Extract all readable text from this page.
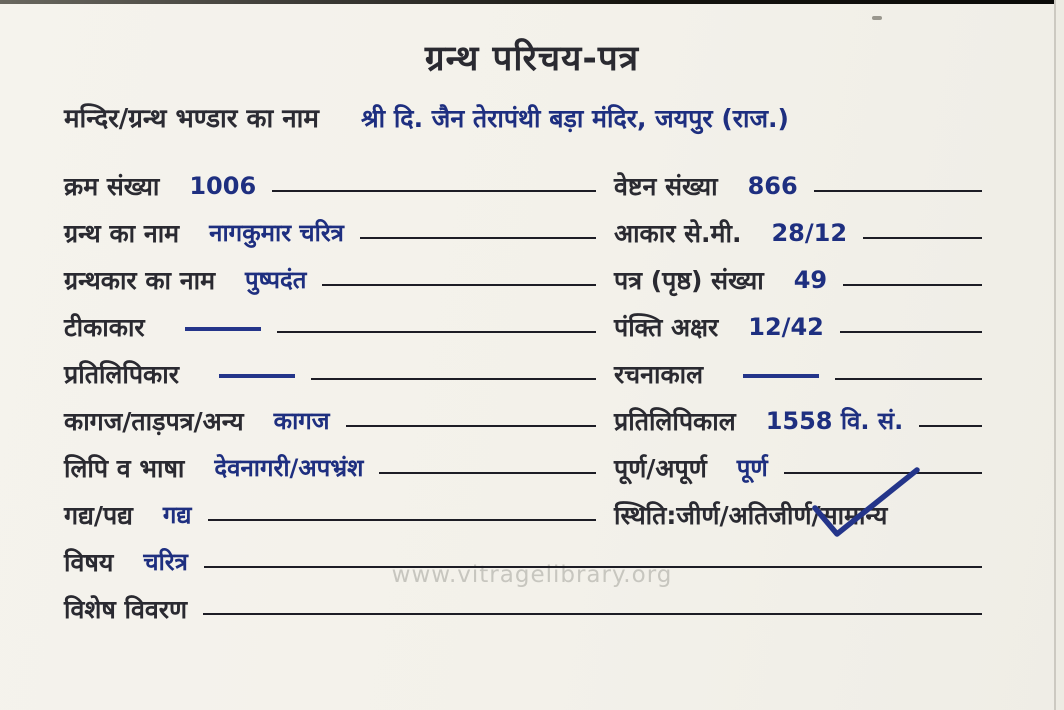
www.vitragelibrary.org
ग्रन्थ परिचय-पत्र
मन्दिर/ग्रन्थ भण्डार का नाम श्री दि. जैन तेरापंथी बड़ा मंदिर, जयपुर (राज.)
क्रम संख्या 1006	वेष्टन संख्या 866
ग्रन्थ का नाम नागकुमार चरित्र	आकार से.मी. 28/12
ग्रन्थकार का नाम पुष्पदंत	पत्र (पृष्ठ) संख्या 49
टीकाकार	पंक्ति अक्षर 12/42
प्रतिलिपिकार	रचनाकाल
कागज/ताड़पत्र/अन्य कागज	प्रतिलिपिकाल 1558 वि. सं.
लिपि व भाषा देवनागरी/अपभ्रंश	पूर्ण/अपूर्ण पूर्ण
गद्य/पद्य गद्य	स्थिति:जीर्ण/अतिजीर्ण/ सामान्य
विषय चरित्र
विशेष विवरण
